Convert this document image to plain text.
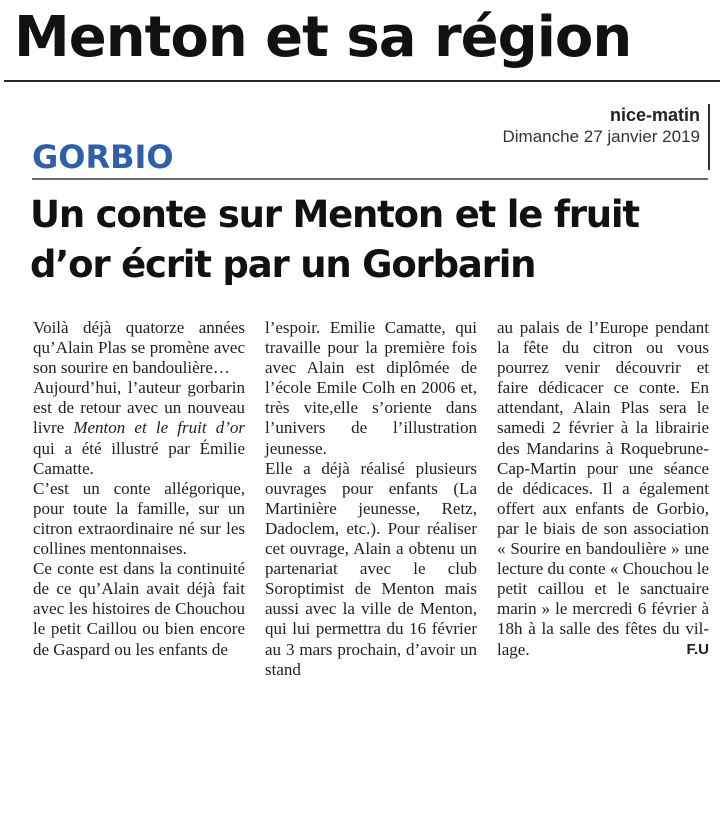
Menton et sa région
nice-matin
Dimanche 27 janvier 2019
GORBIO
Un conte sur Menton et le fruit d’or écrit par un Gorbarin

Voilà déjà quatorze années qu’Alain Plas se promène avec son sourire en bandoulière…

Aujourd’hui, l’auteur gorbarin est de retour avec un nouveau livre Menton et le fruit d’or qui a été illustré par Émilie Camatte.

C’est un conte allégorique, pour toute la famille, sur un citron extraordinaire né sur les collines mentonnaises.

Ce conte est dans la continuité de ce qu’Alain avait déjà fait avec les histoires de Chouchou le petit Caillou ou bien encore de Gaspard ou les enfants de

l’espoir. Emilie Camatte, qui travaille pour la première fois avec Alain est diplômée de l’école Emile Colh en 2006 et, très vite,elle s’oriente dans l’univers de l’illustration jeunesse.

Elle a déjà réalisé plusieurs ouvrages pour enfants (La Martinière jeunesse, Retz, Dadoclem, etc.). Pour réaliser cet ouvrage, Alain a obtenu un partenariat avec le club Soroptimist de Menton mais aussi avec la ville de Menton, qui lui permettra du 16 février au 3 mars prochain, d’avoir un stand

au palais de l’Europe pendant la fête du citron ou vous pourrez venir découvrir et faire dédicacer ce conte. En attendant, Alain Plas sera le samedi 2 février à la librairie des Mandarins à Roquebrune-Cap-Martin pour une séance de dédicaces. Il a également offert aux enfants de Gorbio, par le biais de son association « Sourire en bandoulière » une lecture du conte « Chouchou le petit caillou et le sanctuaire marin » le mercredi 6 février à 18h à la salle des fêtes du village.	F.U
